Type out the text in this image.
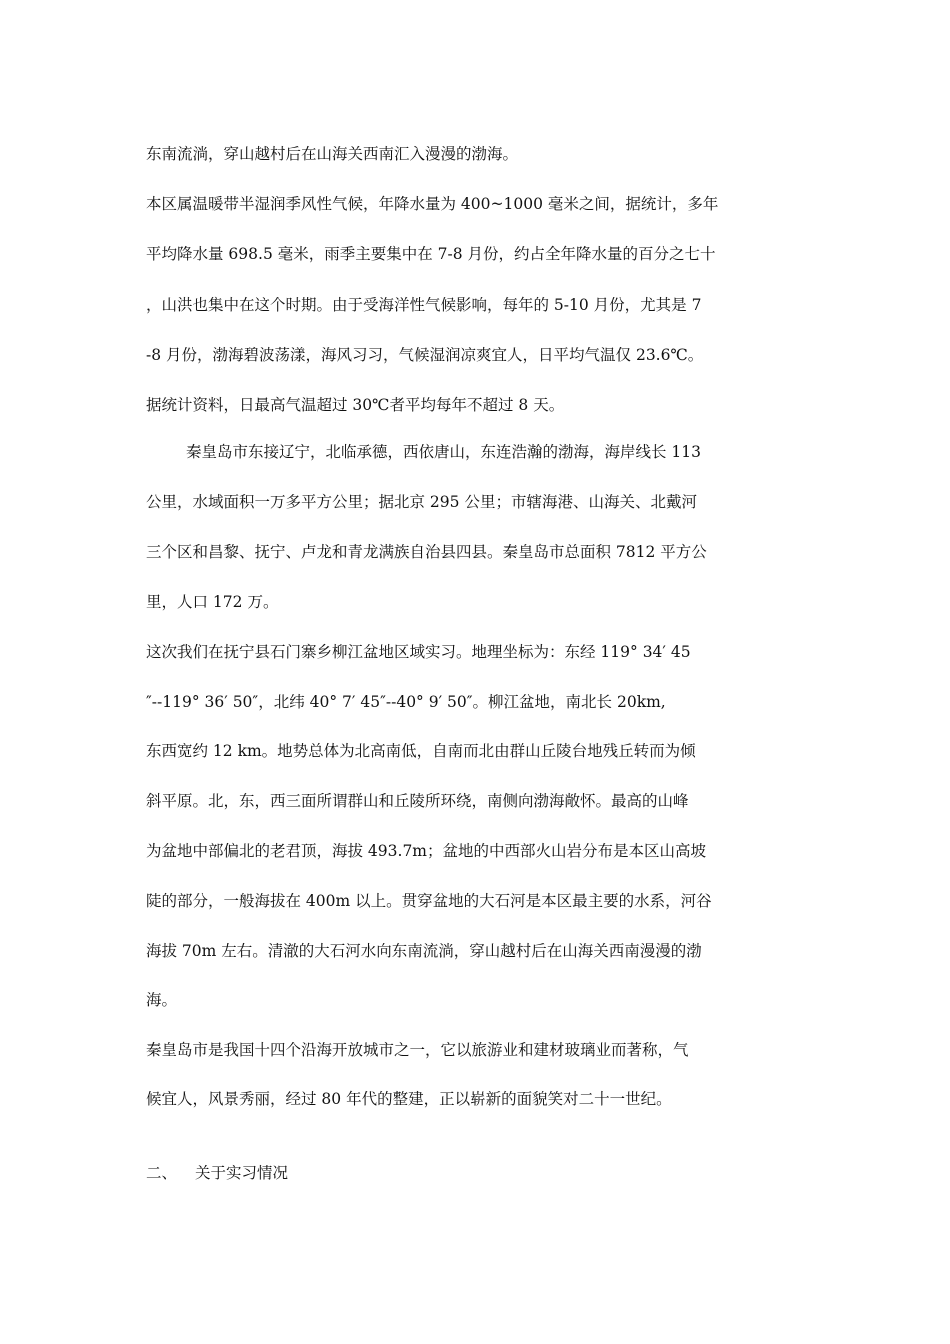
东南流淌，穿山越村后在山海关西南汇入漫漫的渤海。
本区属温暖带半湿润季风性气候，年降水量为 400~1000 毫米之间，据统计，多年
平均降水量 698.5 毫米，雨季主要集中在 7-8 月份，约占全年降水量的百分之七十
，山洪也集中在这个时期。由于受海洋性气候影响，每年的 5-10 月份，尤其是 7
-8 月份，渤海碧波荡漾，海风习习，气候湿润凉爽宜人，日平均气温仅 23.6℃。
据统计资料，日最高气温超过 30℃者平均每年不超过 8 天。
秦皇岛市东接辽宁，北临承德，西依唐山，东连浩瀚的渤海，海岸线长 113
公里，水域面积一万多平方公里；据北京 295 公里；市辖海港、山海关、北戴河
三个区和昌黎、抚宁、卢龙和青龙满族自治县四县。秦皇岛市总面积 7812 平方公
里，人口 172 万。
这次我们在抚宁县石门寨乡柳江盆地区域实习。地理坐标为：东经 119° 34′ 45
″--119° 36′ 50″，北纬 40° 7′ 45″--40° 9′ 50″。柳江盆地，南北长 20km,
东西宽约 12 km。地势总体为北高南低，自南而北由群山丘陵台地残丘转而为倾
斜平原。北，东，西三面所谓群山和丘陵所环绕，南侧向渤海敞怀。最高的山峰
为盆地中部偏北的老君顶，海拔 493.7m；盆地的中西部火山岩分布是本区山高坡
陡的部分，一般海拔在 400m 以上。贯穿盆地的大石河是本区最主要的水系，河谷
海拔 70m 左右。清澈的大石河水向东南流淌，穿山越村后在山海关西南漫漫的渤
海。
秦皇岛市是我国十四个沿海开放城市之一，它以旅游业和建材玻璃业而著称，气
候宜人，风景秀丽，经过 80 年代的整建，正以崭新的面貌笑对二十一世纪。
二、 关于实习情况
